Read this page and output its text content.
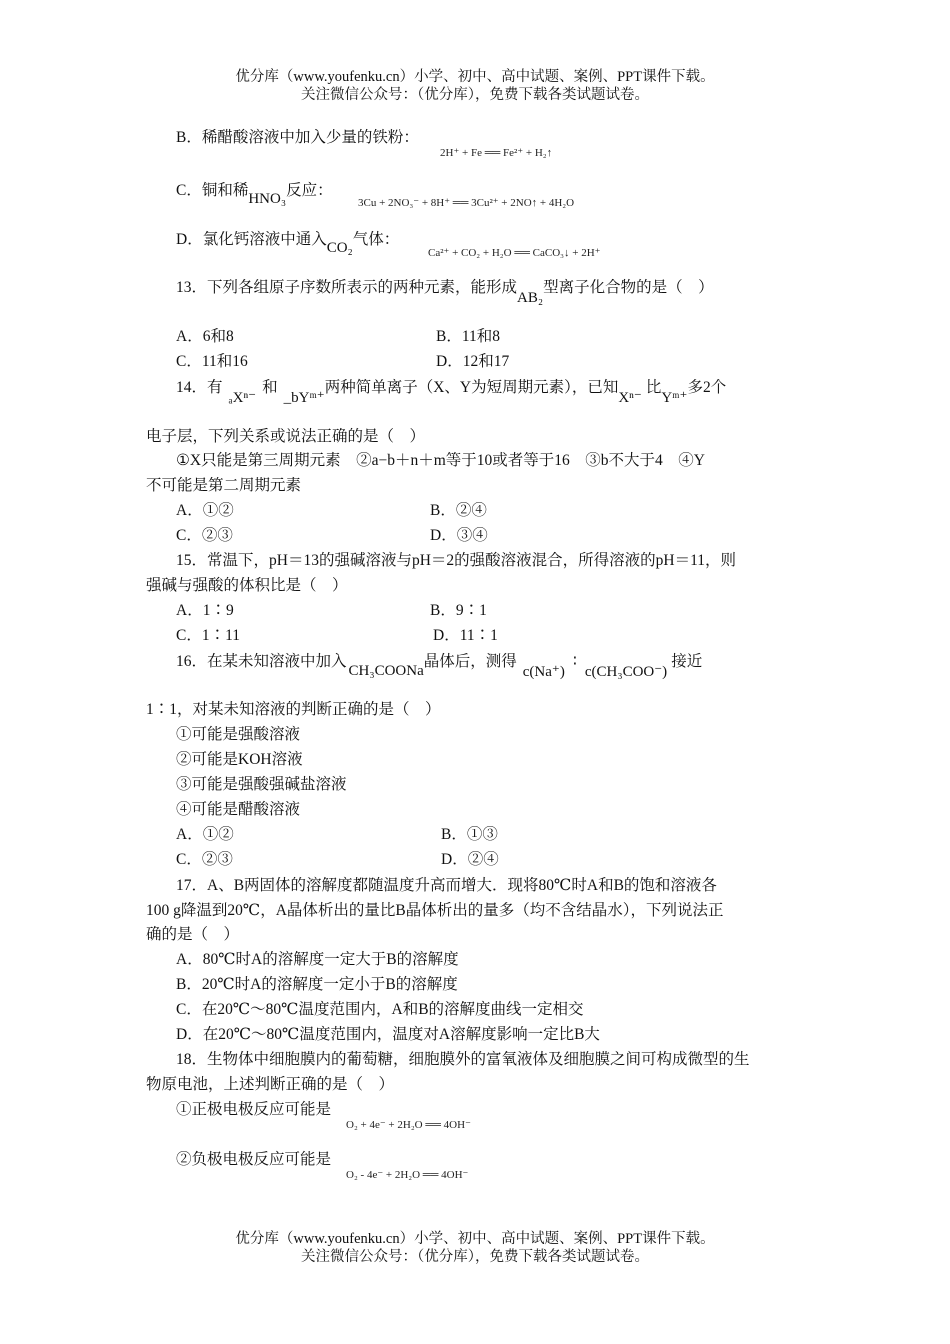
优分库（www.youfenku.cn）小学、初中、高中试题、案例、PPT课件下载。
关注微信公众号：（优分库），免费下载各类试题试卷。
B．稀醋酸溶液中加入少量的铁粉：
2H⁺ + Fe ══ Fe²⁺ + H₂↑
C．铜和稀HNO₃反应：
3Cu + 2NO₃⁻ + 8H⁺ ══ 3Cu²⁺ + 2NO↑ + 4H₂O
D．氯化钙溶液中通入CO₂气体：
Ca²⁺ + CO₂ + H₂O ══ CaCO₃↓ + 2H⁺
13．下列各组原子序数所表示的两种元素，能形成AB₂型离子化合物的是（　）
A．6和8	B．11和8
C．11和16	D．12和17
14．有ₐXⁿ⁻和_bYᵐ⁺两种简单离子（X、Y为短周期元素），已知Xⁿ⁻比Yᵐ⁺多2个
电子层，下列关系或说法正确的是（　）
①X只能是第三周期元素　②a−b＋n＋m等于10或者等于16　③b不大于4　④Y
不可能是第二周期元素
A．①②	B．②④
C．②③	D．③④
15．常温下，pH＝13的强碱溶液与pH＝2的强酸溶液混合，所得溶液的pH＝11，则
强碱与强酸的体积比是（　）
A．1∶9	B．9∶1
C．1∶11	D．11∶1
16．在某未知溶液中加入CH₃COONa晶体后，测得c(Na⁺)∶c(CH₃COO⁻)接近
1∶1，对某未知溶液的判断正确的是（　）
①可能是强酸溶液
②可能是KOH溶液
③可能是强酸强碱盐溶液
④可能是醋酸溶液
A．①②	B．①③
C．②③	D．②④
17．A、B两固体的溶解度都随温度升高而增大．现将80℃时A和B的饱和溶液各
100 g降温到20℃，A晶体析出的量比B晶体析出的量多（均不含结晶水），下列说法正
确的是（　）
A．80℃时A的溶解度一定大于B的溶解度
B．20℃时A的溶解度一定小于B的溶解度
C．在20℃～80℃温度范围内，A和B的溶解度曲线一定相交
D．在20℃～80℃温度范围内，温度对A溶解度影响一定比B大
18．生物体中细胞膜内的葡萄糖，细胞膜外的富氧液体及细胞膜之间可构成微型的生
物原电池，上述判断正确的是（　）
①正极电极反应可能是
O₂ + 4e⁻ + 2H₂O ══ 4OH⁻
②负极电极反应可能是
O₂ - 4e⁻ + 2H₂O ══ 4OH⁻
优分库（www.youfenku.cn）小学、初中、高中试题、案例、PPT课件下载。
关注微信公众号：（优分库），免费下载各类试题试卷。
